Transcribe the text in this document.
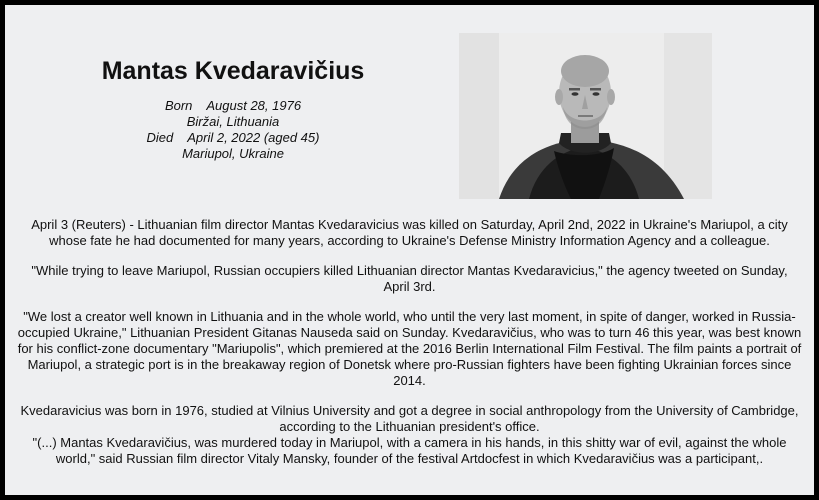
Mantas Kvedaravičius
Born    August 28, 1976
Biržai, Lithuania
Died    April 2, 2022 (aged 45)
Mariupol, Ukraine

April 3 (Reuters) - Lithuanian film director Mantas Kvedaravicius was killed on Saturday, April 2nd, 2022 in Ukraine's Mariupol, a city whose fate he had documented for many years, according to Ukraine's Defense Ministry Information Agency and a colleague.

"While trying to leave Mariupol, Russian occupiers killed Lithuanian director Mantas Kvedaravicius," the agency tweeted on Sunday, April 3rd.

"We lost a creator well known in Lithuania and in the whole world, who until the very last moment, in spite of danger, worked in Russia-occupied Ukraine," Lithuanian President Gitanas Nauseda said on Sunday. Kvedaravičius, who was to turn 46 this year, was best known for his conflict-zone documentary "Mariupolis", which premiered at the 2016 Berlin International Film Festival. The film paints a portrait of Mariupol, a strategic port is in the breakaway region of Donetsk where pro-Russian fighters have been fighting Ukrainian forces since 2014.

Kvedaravicius was born in 1976, studied at Vilnius University and got a degree in social anthropology from the University of Cambridge, according to the Lithuanian president's office.

"(...) Mantas Kvedaravičius, was murdered today in Mariupol, with a camera in his hands, in this shitty war of evil, against the whole world," said Russian film director Vitaly Mansky, founder of the festival Artdocfest in which Kvedaravičius was a participant,.
